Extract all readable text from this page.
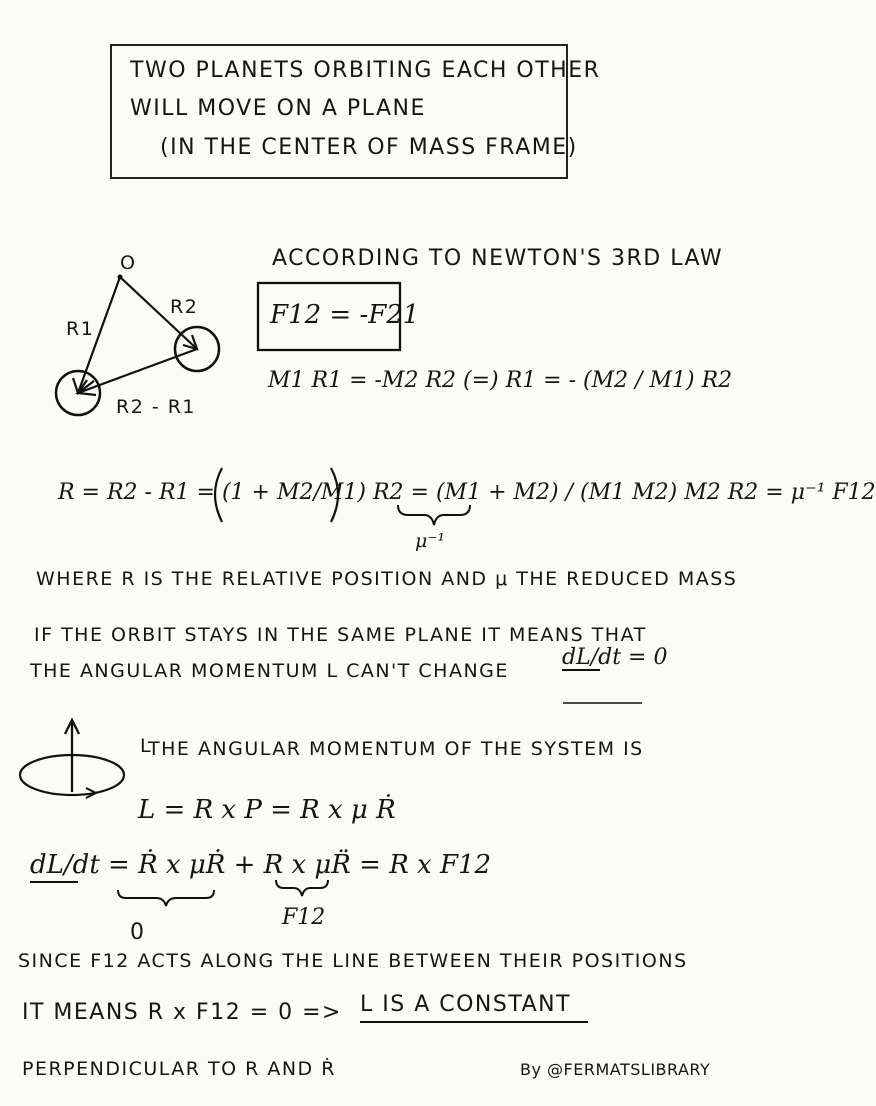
TWO PLANETS ORBITING EACH OTHER
WILL MOVE ON A PLANE
(IN THE CENTER OF MASS FRAME)
O
R1
R2
R2 - R1
ACCORDING TO NEWTON'S 3RD LAW
F12 = -F21
M1 R1 = -M2 R2 (=) R1 = - (M2 / M1) R2
R = R2 - R1 = (1 + M2/M1) R2 = (M1 + M2) / (M1 M2) M2 R2 = μ⁻¹ F12
μ⁻¹
WHERE R IS THE RELATIVE POSITION AND μ THE REDUCED MASS
IF THE ORBIT STAYS IN THE SAME PLANE IT MEANS THAT
THE ANGULAR MOMENTUM L CAN'T CHANGE
dL/dt = 0
L
THE ANGULAR MOMENTUM OF THE SYSTEM IS
L = R x P = R x μ Ṙ
dL/dt = Ṙ x μṘ + R x μR̈ = R x F12
0
F12
SINCE F12 ACTS ALONG THE LINE BETWEEN THEIR POSITIONS
IT MEANS R x F12 = 0 => L IS A CONSTANT
PERPENDICULAR TO R AND Ṙ	By @FERMATSLIBRARY
